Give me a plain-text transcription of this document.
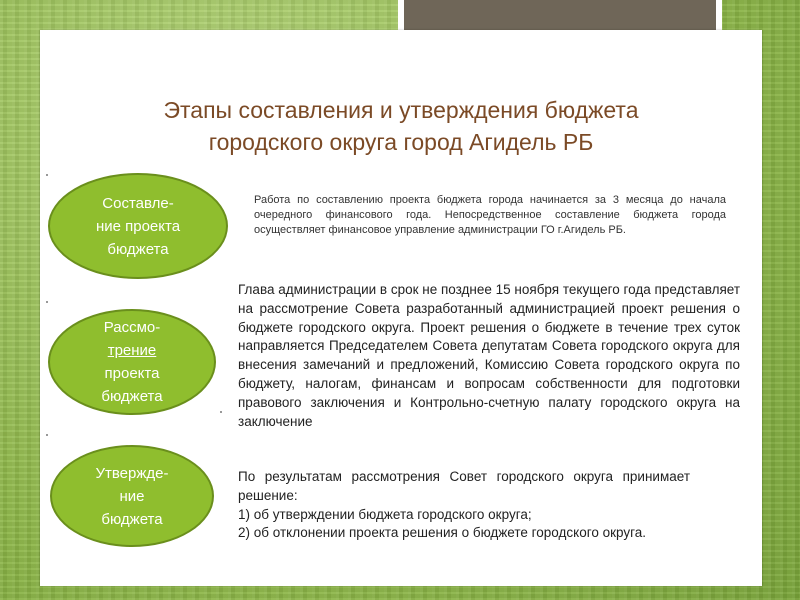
Этапы составления и утверждения бюджета
городского округа город Агидель РБ
Составле-
ние проекта
бюджета
Рассмо-
трение
проекта
бюджета
Утвержде-
ние
бюджета

Работа по составлению проекта бюджета города начинается за 3 месяца до начала очередного финансового года. Непосредственное составление бюджета города осуществляет финансовое управление администрации ГО г.Агидель РБ.

Глава администрации в срок не позднее 15 ноября текущего года представляет на рассмотрение Совета разработанный администрацией проект решения о бюджете городского округа. Проект решения о бюджете в течение трех суток направляется Председателем Совета депутатам Совета городского округа для внесения замечаний и предложений, Комиссию Совета городского округа по бюджету, налогам, финансам и вопросам собственности для подготовки правового заключения и Контрольно-счетную палату городского округа на заключение

По результатам рассмотрения Совет городского округа принимает решение:
1) об утверждении бюджета городского округа;
2) об отклонении проекта решения о бюджете городского округа.
